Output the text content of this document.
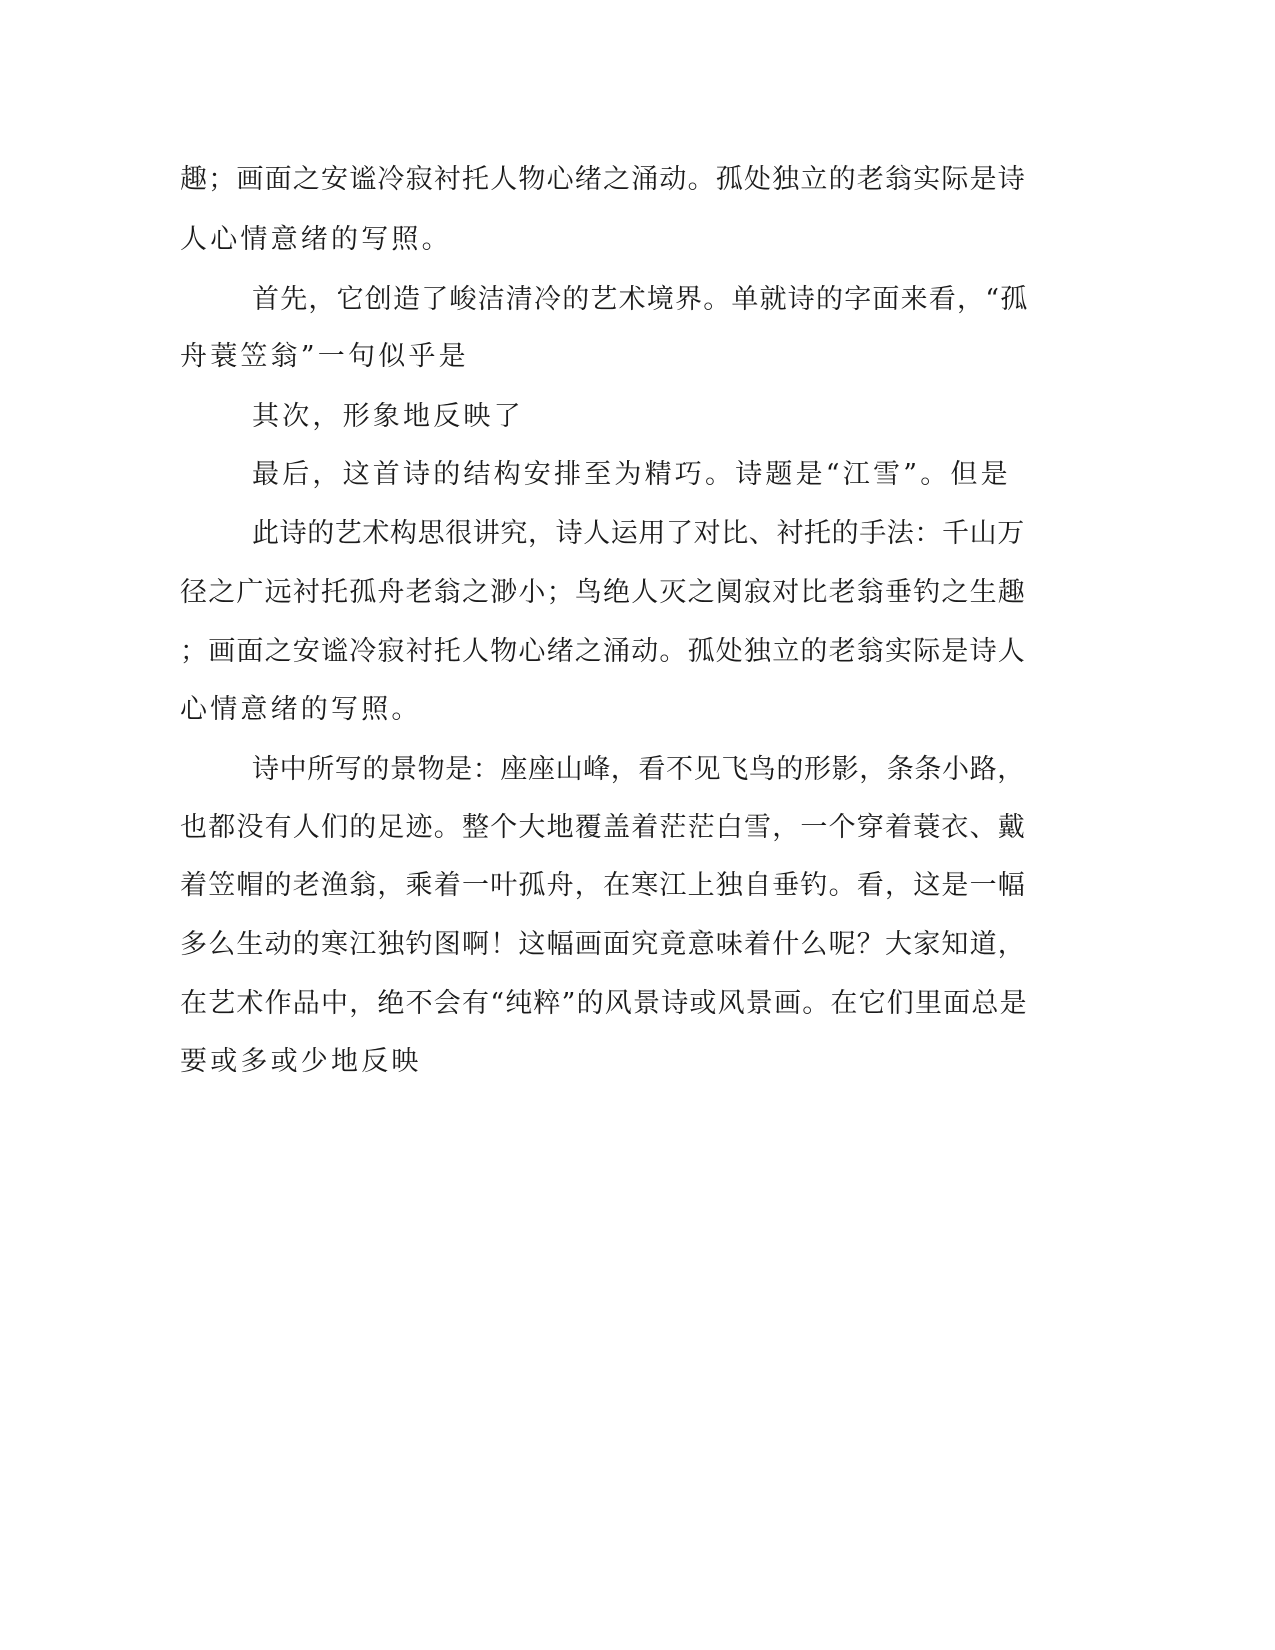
趣；画面之安谧冷寂衬托人物心绪之涌动。孤处独立的老翁实际是诗
人心情意绪的写照。
首先，它创造了峻洁清冷的艺术境界。单就诗的字面来看，“孤
舟蓑笠翁”一句似乎是
其次，形象地反映了
最后，这首诗的结构安排至为精巧。诗题是“江雪”。但是
此诗的艺术构思很讲究，诗人运用了对比、衬托的手法：千山万
径之广远衬托孤舟老翁之渺小；鸟绝人灭之阒寂对比老翁垂钓之生趣
；画面之安谧冷寂衬托人物心绪之涌动。孤处独立的老翁实际是诗人
心情意绪的写照。
诗中所写的景物是：座座山峰，看不见飞鸟的形影，条条小路，
也都没有人们的足迹。整个大地覆盖着茫茫白雪，一个穿着蓑衣、戴
着笠帽的老渔翁，乘着一叶孤舟，在寒江上独自垂钓。看，这是一幅
多么生动的寒江独钓图啊！这幅画面究竟意味着什么呢？大家知道，
在艺术作品中，绝不会有“纯粹”的风景诗或风景画。在它们里面总是
要或多或少地反映
